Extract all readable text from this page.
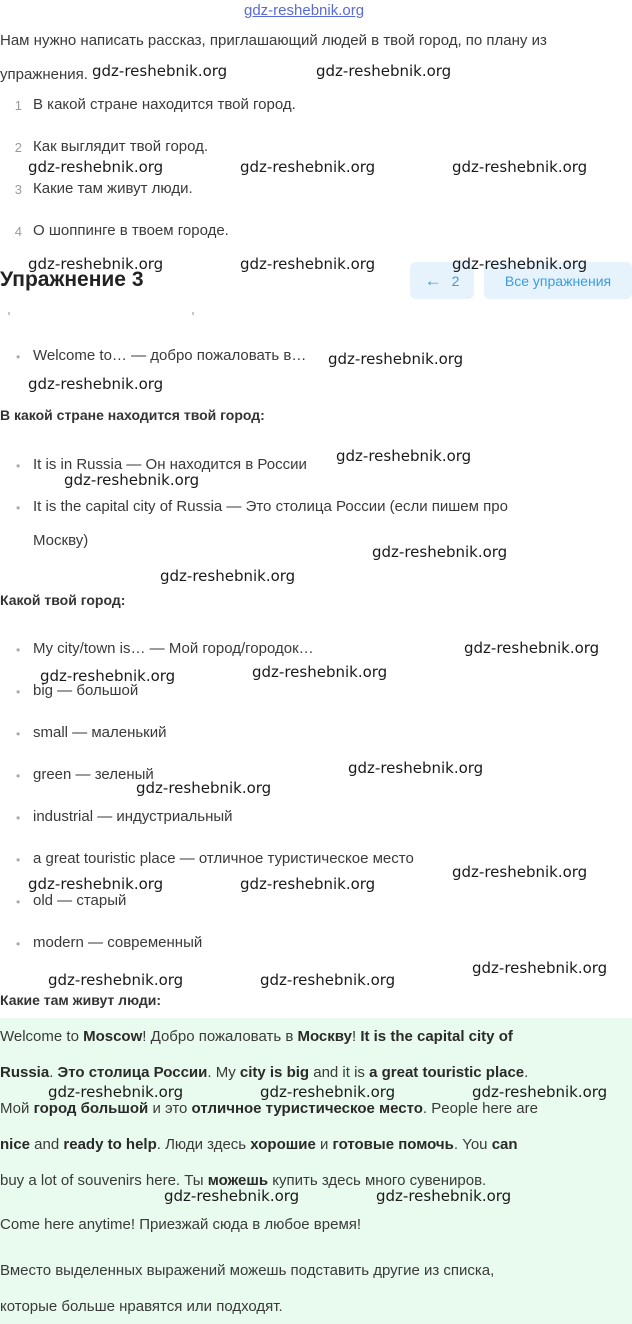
gdz-reshebnik.org
Нам нужно написать рассказ, приглашающий людей в твой город, по плану из
упражнения.
1 В какой стране находится твой город.
2 Как выглядит твой город.
3 Какие там живут люди.
4 О шоппинге в твоем городе.
Упражнение 3	← 2	Все упражнения
• Welcome to… — добро пожаловать в…
В какой стране находится твой город:
• It is in Russia — Он находится в России
• It is the capital city of Russia — Это столица России (если пишем про
Москву)
Какой твой город:
• My city/town is… — Мой город/городок…
• big — большой
• small — маленький
• green — зеленый
• industrial — индустриальный
• a great touristic place — отличное туристическое место
• old — старый
• modern — современный
Какие там живут люди:
Welcome to Moscow! Добро пожаловать в Москву! It is the capital city of
Russia. Это столица России. My city is big and it is a great touristic place.
Мой город большой и это отличное туристическое место. People here are
nice and ready to help. Люди здесь хорошие и готовые помочь. You can
buy a lot of souvenirs here. Ты можешь купить здесь много сувениров.
Come here anytime! Приезжай сюда в любое время!
Вместо выделенных выражений можешь подставить другие из списка,
которые больше нравятся или подходят.
gdz-reshebnik.org	gdz-reshebnik.org
gdz-reshebnik.org	gdz-reshebnik.org	gdz-reshebnik.org
gdz-reshebnik.org	gdz-reshebnik.org	gdz-reshebnik.org
gdz-reshebnik.org
gdz-reshebnik.org
gdz-reshebnik.org
gdz-reshebnik.org
gdz-reshebnik.org
gdz-reshebnik.org
gdz-reshebnik.org
gdz-reshebnik.org
gdz-reshebnik.org
gdz-reshebnik.org
gdz-reshebnik.org
gdz-reshebnik.org
gdz-reshebnik.org	gdz-reshebnik.org
gdz-reshebnik.org
gdz-reshebnik.org	gdz-reshebnik.org
gdz-reshebnik.org	gdz-reshebnik.org	gdz-reshebnik.org
gdz-reshebnik.org	gdz-reshebnik.org
